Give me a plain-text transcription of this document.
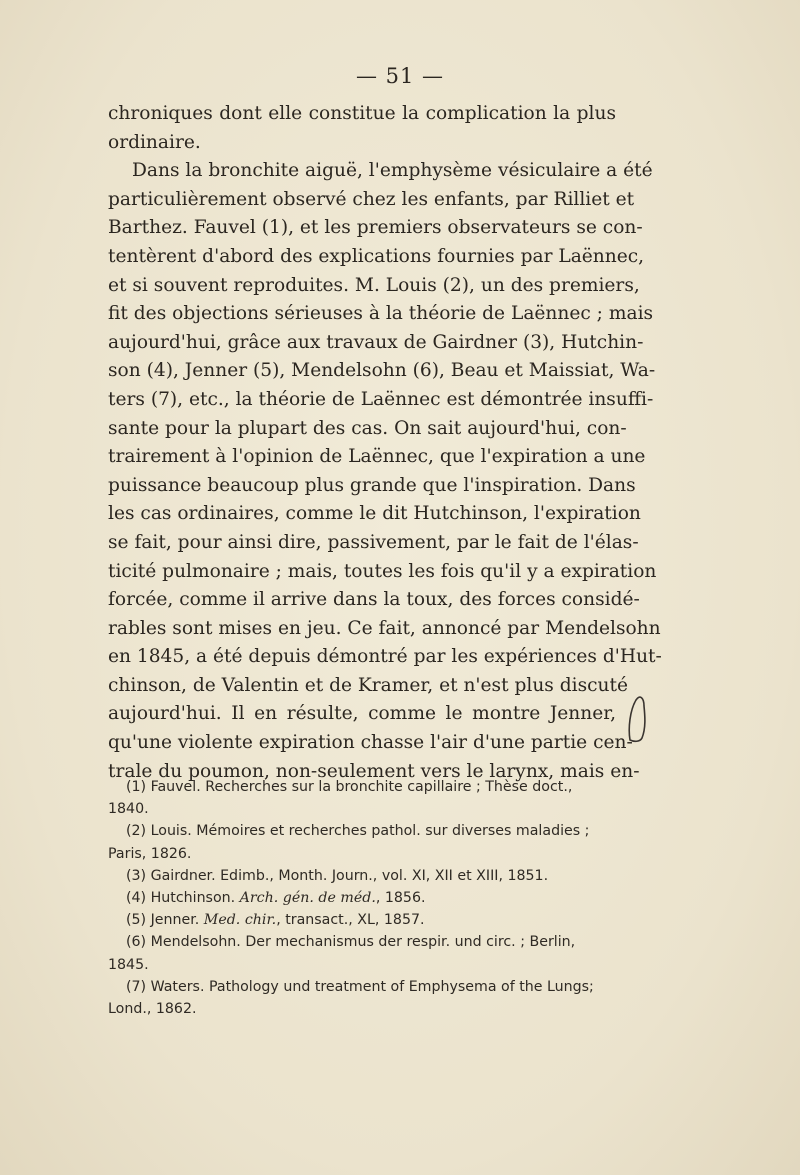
— 51 —
chroniques dont elle constitue la complication la plus
ordinaire.
Dans la bronchite aiguë, l'emphysème vésiculaire a été
particulièrement observé chez les enfants, par Rilliet et
Barthez. Fauvel (1), et les premiers observateurs se con-
tentèrent d'abord des explications fournies par Laënnec,
et si souvent reproduites. M. Louis (2), un des premiers,
fit des objections sérieuses à la théorie de Laënnec ; mais
aujourd'hui, grâce aux travaux de Gairdner (3), Hutchin-
son (4), Jenner (5), Mendelsohn (6), Beau et Maissiat, Wa-
ters (7), etc., la théorie de Laënnec est démontrée insuffi-
sante pour la plupart des cas. On sait aujourd'hui, con-
trairement à l'opinion de Laënnec, que l'expiration a une
puissance beaucoup plus grande que l'inspiration. Dans
les cas ordinaires, comme le dit Hutchinson, l'expiration
se fait, pour ainsi dire, passivement, par le fait de l'élas-
ticité pulmonaire ; mais, toutes les fois qu'il y a expiration
forcée, comme il arrive dans la toux, des forces considé-
rables sont mises en jeu. Ce fait, annoncé par Mendelsohn
en 1845, a été depuis démontré par les expériences d'Hut-
chinson, de Valentin et de Kramer, et n'est plus discuté
aujourd'hui. Il en résulte, comme le montre Jenner,
qu'une violente expiration chasse l'air d'une partie cen-
trale du poumon, non-seulement vers le larynx, mais en-
(1) Fauvel. Recherches sur la bronchite capillaire ; Thèse doct.,
1840.
(2) Louis. Mémoires et recherches pathol. sur diverses maladies ;
Paris, 1826.
(3) Gairdner. Edimb., Month. Journ., vol. XI, XII et XIII, 1851.
(4) Hutchinson. Arch. gén. de méd., 1856.
(5) Jenner. Med. chir., transact., XL, 1857.
(6) Mendelsohn. Der mechanismus der respir. und circ. ; Berlin,
1845.
(7) Waters. Pathology und treatment of Emphysema of the Lungs;
Lond., 1862.
